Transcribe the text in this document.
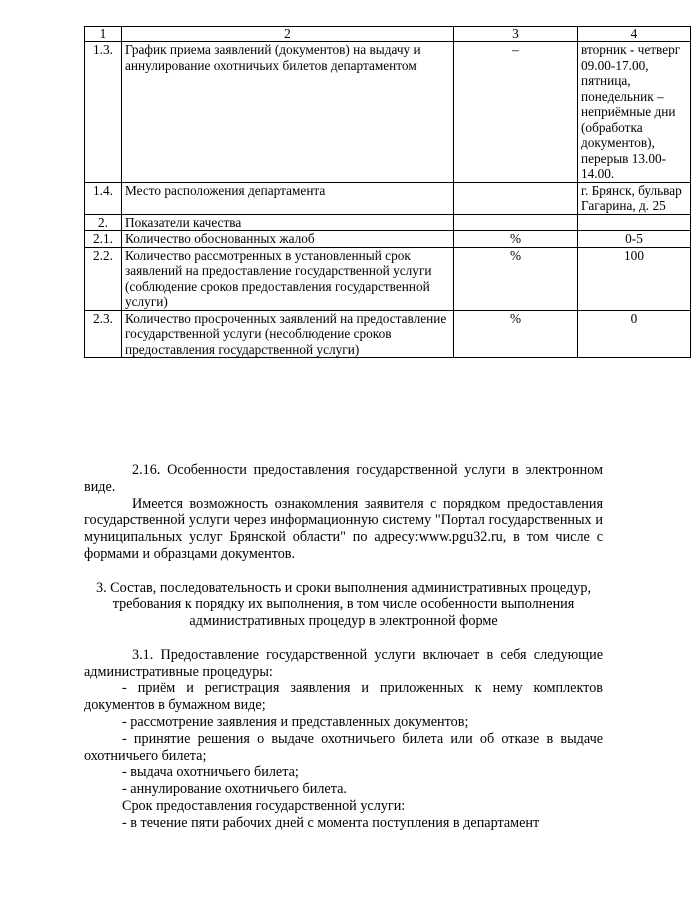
1	2	3	4
1.3.	График приема заявлений (документов) на выдачу и аннулирование охотничьих билетов департаментом	–	вторник - четверг 09.00-17.00, пятница, понедельник – неприёмные дни (обработка документов), перерыв 13.00-14.00.
1.4.	Место расположения департамента		г. Брянск, бульвар Гагарина, д. 25
2.	Показатели качества		
2.1.	Количество обоснованных жалоб	%	0-5
2.2.	Количество рассмотренных в установленный срок заявлений на предоставление государственной услуги (соблюдение сроков предоставления государственной услуги)	%	100
2.3.	Количество просроченных заявлений на предоставление государственной услуги (несоблюдение сроков предоставления государственной услуги)	%	0

2.16. Особенности предоставления государственной услуги в электронном виде.

Имеется возможность ознакомления заявителя с порядком предоставления государственной услуги через информационную систему "Портал государственных и муниципальных услуг Брянской области" по адресу:www.pgu32.ru, в том числе с формами и образцами документов.

3. Состав, последовательность и сроки выполнения административных процедур, требования к порядку их выполнения, в том числе особенности выполнения административных процедур в электронной форме

3.1. Предоставление государственной услуги включает в себя следующие административные процедуры:

- приём и регистрация заявления и приложенных к нему комплектов документов в бумажном виде;

- рассмотрение заявления и представленных документов;

- принятие решения о выдаче охотничьего билета или об отказе в выдаче охотничьего билета;

- выдача охотничьего билета;

- аннулирование охотничьего билета.

Срок предоставления государственной услуги:

- в течение пяти рабочих дней с момента поступления в департамент
